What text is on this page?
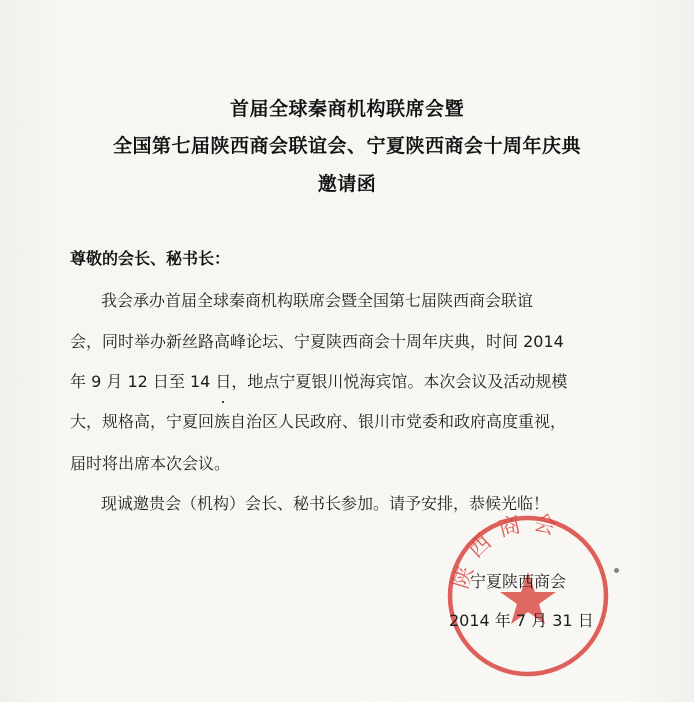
首届全球秦商机构联席会暨
全国第七届陕西商会联谊会、宁夏陕西商会十周年庆典
邀请函
尊敬的会长、秘书长：
我会承办首届全球秦商机构联席会暨全国第七届陕西商会联谊
会，同时举办新丝路高峰论坛、宁夏陕西商会十周年庆典，时间 2014
年 9 月 12 日至 14 日，地点宁夏银川悦海宾馆。本次会议及活动规模
大，规格高，宁夏回族自治区人民政府、银川市党委和政府高度重视，
届时将出席本次会议。
现诚邀贵会（机构）会长、秘书长参加。请予安排，恭候光临！
陕西商会
宁夏陕西商会
2014 年 7 月 31 日
